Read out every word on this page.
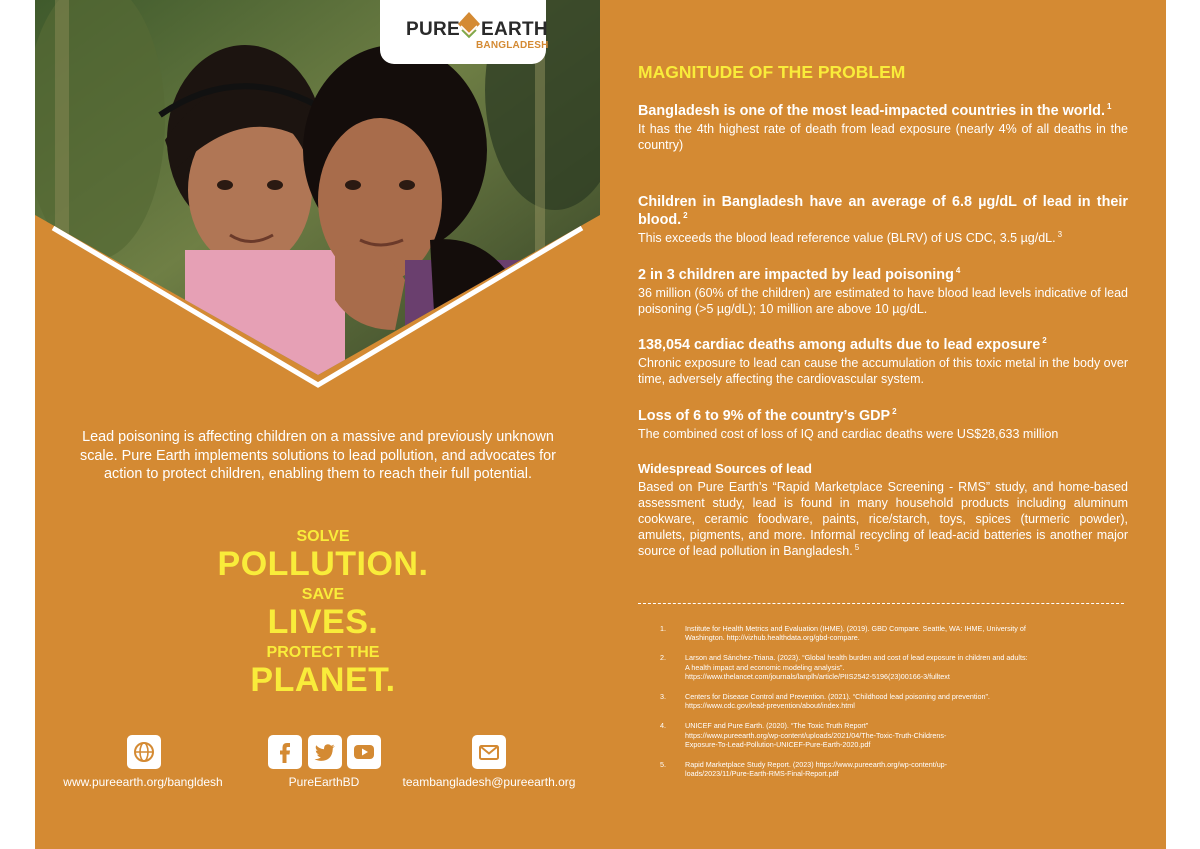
PURE EARTH
BANGLADESH
Lead poisoning is affecting children on a massive and previously unknown scale. Pure Earth implements solutions to lead pollution, and advocates for action to protect children, enabling them to reach their full potential.
SOLVE
POLLUTION.
SAVE
LIVES.
PROTECT THE
PLANET.
www.pureearth.org/bangldesh	PureEarthBD	teambangladesh@pureearth.org
MAGNITUDE OF THE PROBLEM
Bangladesh is one of the most lead-impacted countries in the world. $^1$
It has the 4th highest rate of death from lead exposure (nearly 4% of all deaths in the country)
Children in Bangladesh have an average of 6.8 µg/dL of lead in their blood. $^2$
This exceeds the blood lead reference value (BLRV) of US CDC, 3.5 µg/dL. $^3$
2 in 3 children are impacted by lead poisoning $^4$
36 million (60% of the children) are estimated to have blood lead levels indicative of lead poisoning (>5 µg/dL); 10 million are above 10 µg/dL.
138,054 cardiac deaths among adults due to lead exposure $^2$
Chronic exposure to lead can cause the accumulation of this toxic metal in the body over time, adversely affecting the cardiovascular system.
Loss of 6 to 9% of the country’s GDP $^2$
The combined cost of loss of IQ and cardiac deaths were US$28,633 million
Widespread Sources of lead
Based on Pure Earth’s “Rapid Marketplace Screening - RMS” study, and home-based assessment study, lead is found in many household products including aluminum cookware, ceramic foodware, paints, rice/starch, toys, spices (turmeric powder), amulets, pigments, and more. Informal recycling of lead-acid batteries is another major source of lead pollution in Bangladesh. $^5$
1.	Institute for Health Metrics and Evaluation (IHME). (2019). GBD Compare. Seattle, WA: IHME, University of
Washington. http://vizhub.healthdata.org/gbd-compare.
2.	Larson and Sánchez-Triana. (2023). “Global health burden and cost of lead exposure in children and adults:
A health impact and economic modeling analysis”.
https://www.thelancet.com/journals/lanplh/article/PIIS2542-5196(23)00166-3/fulltext
3.	Centers for Disease Control and Prevention. (2021). “Childhood lead poisoning and prevention”.
https://www.cdc.gov/lead-prevention/about/index.html
4.	UNICEF and Pure Earth. (2020). “The Toxic Truth Report”
https://www.pureearth.org/wp-content/uploads/2021/04/The-Toxic-Truth-Childrens-
Exposure-To-Lead-Pollution-UNICEF-Pure-Earth-2020.pdf
5.	Rapid Marketplace Study Report. (2023) https://www.pureearth.org/wp-content/up-
loads/2023/11/Pure-Earth-RMS-Final-Report.pdf
